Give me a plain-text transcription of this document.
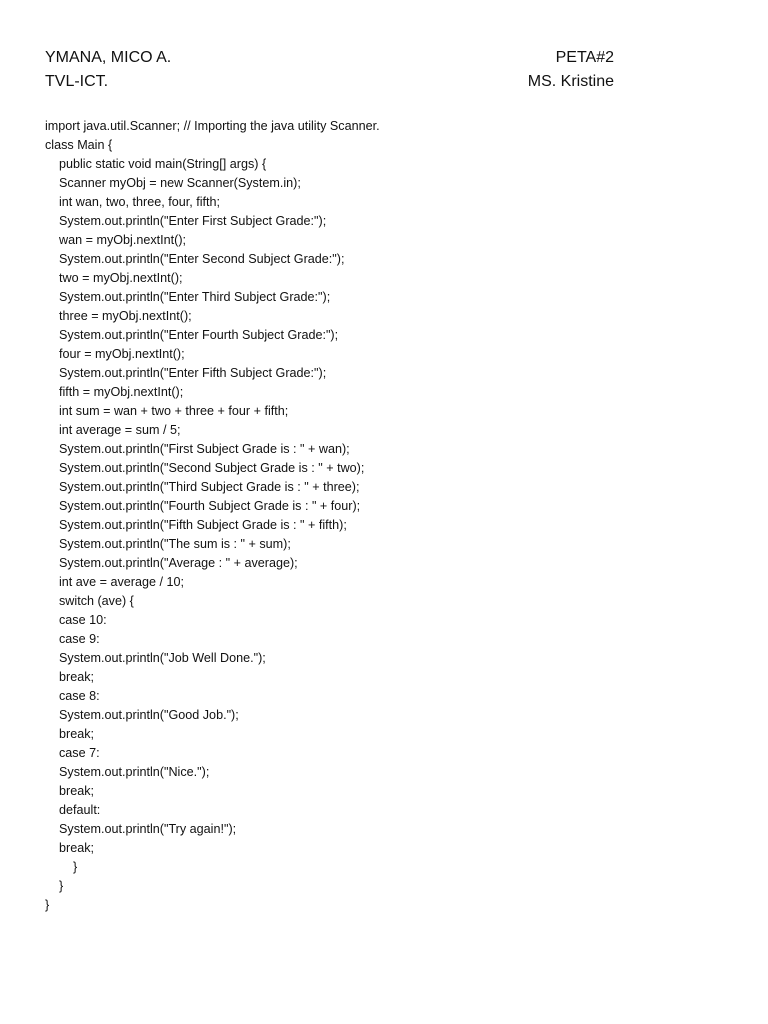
YMANA, MICO A.	PETA#2
TVL-ICT.	MS. Kristine
import java.util.Scanner; // Importing the java utility Scanner.
class Main {
public static void main(String[] args) {
Scanner myObj = new Scanner(System.in);
int wan, two, three, four, fifth;
System.out.println("Enter First Subject Grade:");
wan = myObj.nextInt();
System.out.println("Enter Second Subject Grade:");
two = myObj.nextInt();
System.out.println("Enter Third Subject Grade:");
three = myObj.nextInt();
System.out.println("Enter Fourth Subject Grade:");
four = myObj.nextInt();
System.out.println("Enter Fifth Subject Grade:");
fifth = myObj.nextInt();
int sum = wan + two + three + four + fifth;
int average = sum / 5;
System.out.println("First Subject Grade is : " + wan);
System.out.println("Second Subject Grade is : " + two);
System.out.println("Third Subject Grade is : " + three);
System.out.println("Fourth Subject Grade is : " + four);
System.out.println("Fifth Subject Grade is : " + fifth);
System.out.println("The sum is : " + sum);
System.out.println("Average : " + average);
int ave = average / 10;
switch (ave) {
case 10:
case 9:
System.out.println("Job Well Done.");
break;
case 8:
System.out.println("Good Job.");
break;
case 7:
System.out.println("Nice.");
break;
default:
System.out.println("Try again!");
break;
}
}
}
